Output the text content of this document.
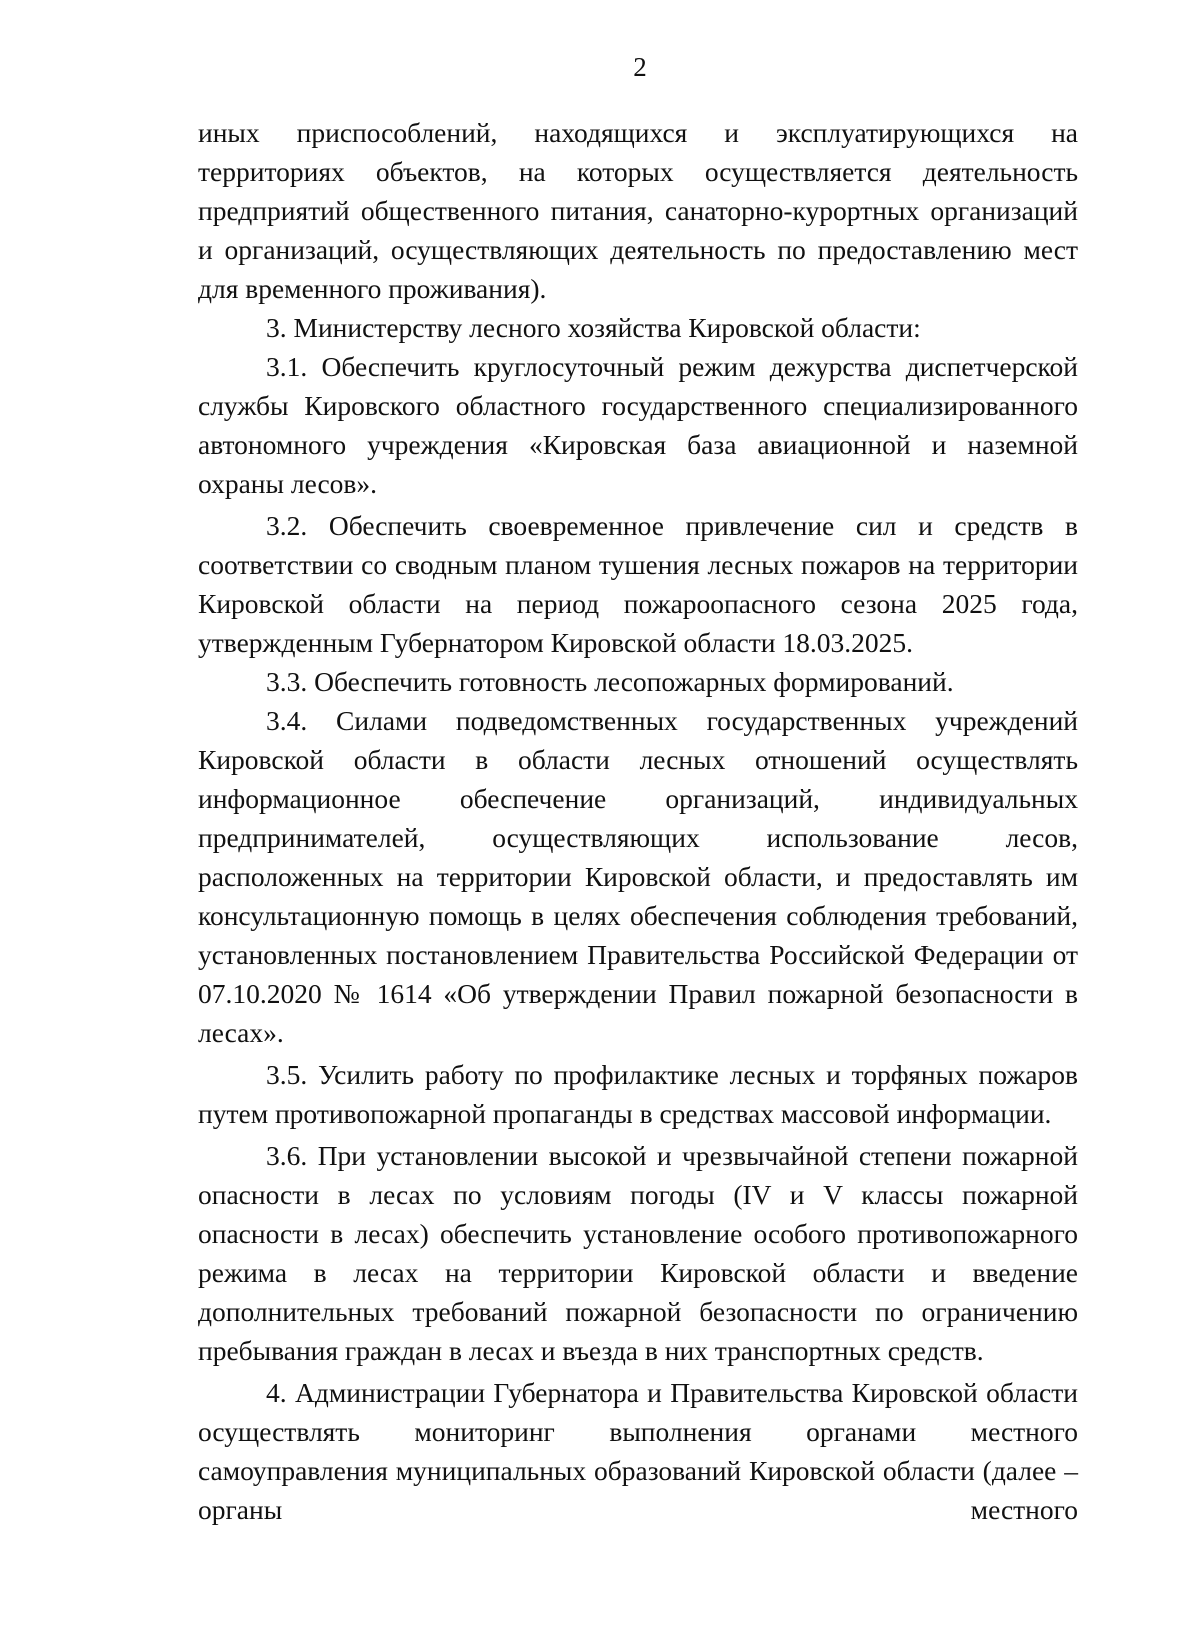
2

иных приспособлений, находящихся и эксплуатирующихся на территориях объектов, на которых осуществляется деятельность предприятий общественного питания, санаторно-курортных организаций и организаций, осуществляющих деятельность по предоставлению мест для временного проживания).

3. Министерству лесного хозяйства Кировской области:

3.1. Обеспечить круглосуточный режим дежурства диспетчерской службы Кировского областного государственного специализированного автономного учреждения «Кировская база авиационной и наземной охраны лесов».

3.2. Обеспечить своевременное привлечение сил и средств в соответствии со сводным планом тушения лесных пожаров на территории Кировской области на период пожароопасного сезона 2025 года, утвержденным Губернатором Кировской области 18.03.2025.

3.3. Обеспечить готовность лесопожарных формирований.

3.4. Силами подведомственных государственных учреждений Кировской области в области лесных отношений осуществлять информационное обеспечение организаций, индивидуальных предпринимателей, осуществляющих использование лесов, расположенных на территории Кировской области, и предоставлять им консультационную помощь в целях обеспечения соблюдения требований, установленных постановлением Правительства Российской Федерации от 07.10.2020 № 1614 «Об утверждении Правил пожарной безопасности в лесах».

3.5. Усилить работу по профилактике лесных и торфяных пожаров путем противопожарной пропаганды в средствах массовой информации.

3.6. При установлении высокой и чрезвычайной степени пожарной опасности в лесах по условиям погоды (IV и V классы пожарной опасности в лесах) обеспечить установление особого противопожарного режима в лесах на территории Кировской области и введение дополнительных требований пожарной безопасности по ограничению пребывания граждан в лесах и въезда в них транспортных средств.

4. Администрации Губернатора и Правительства Кировской области осуществлять мониторинг выполнения органами местного самоуправления муниципальных образований Кировской области (далее – органы местного
